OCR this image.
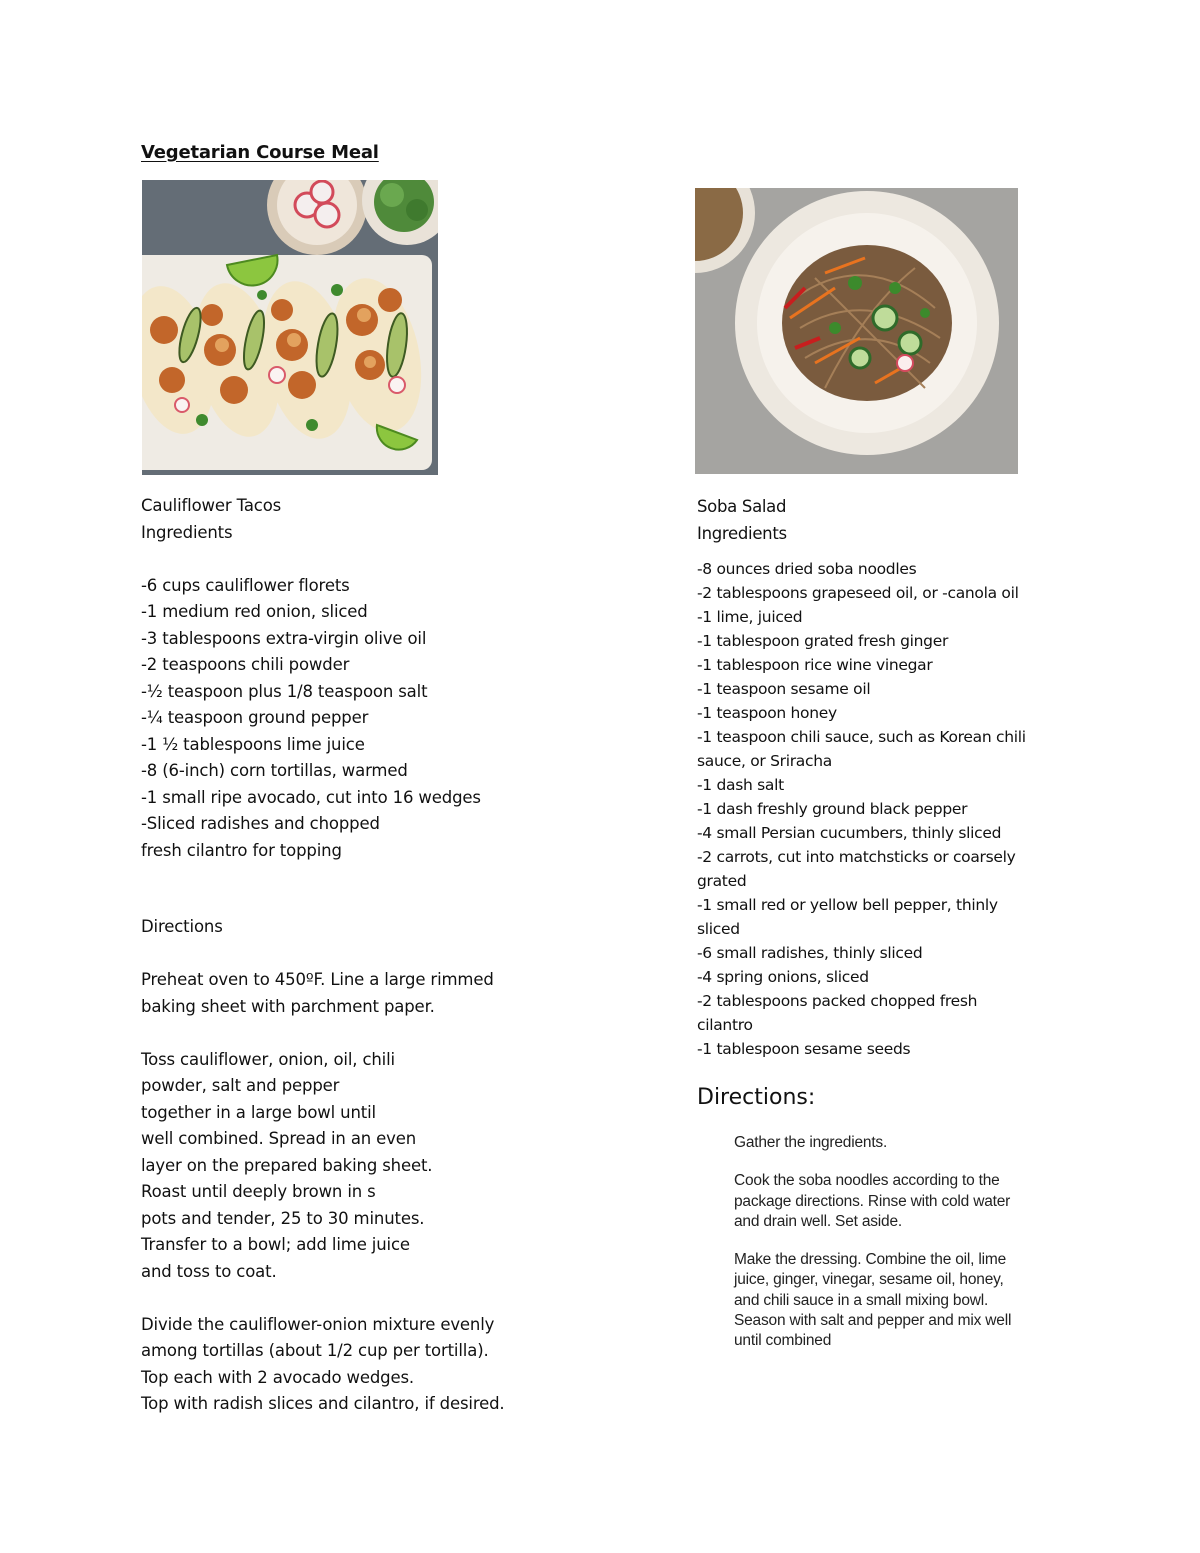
Vegetarian Course Meal
Cauliflower Tacos
Ingredients
-6 cups cauliflower florets
-1 medium red onion, sliced
-3 tablespoons extra-virgin olive oil
-2 teaspoons chili powder
-½ teaspoon plus 1/8 teaspoon salt
-¼ teaspoon ground pepper
-1 ½ tablespoons lime juice
-8 (6-inch) corn tortillas, warmed
-1 small ripe avocado, cut into 16 wedges
-Sliced radishes and chopped
fresh cilantro for topping
Directions
Preheat oven to 450ºF. Line a large rimmed
baking sheet with parchment paper.
Toss cauliflower, onion, oil, chili
powder, salt and pepper
together in a large bowl until
well combined. Spread in an even
layer on the prepared baking sheet.
Roast until deeply brown in s
pots and tender, 25 to 30 minutes.
Transfer to a bowl; add lime juice
and toss to coat.
Divide the cauliflower-onion mixture evenly
among tortillas (about 1/2 cup per tortilla).
Top each with 2 avocado wedges.
Top with radish slices and cilantro, if desired.
Soba Salad
Ingredients
-8 ounces dried soba noodles
-2 tablespoons grapeseed oil, or -canola oil
-1 lime, juiced
-1 tablespoon grated fresh ginger
-1 tablespoon rice wine vinegar
-1 teaspoon sesame oil
-1 teaspoon honey
-1 teaspoon chili sauce, such as Korean chili sauce, or Sriracha
-1 dash salt
-1 dash freshly ground black pepper
-4 small Persian cucumbers, thinly sliced
-2 carrots, cut into matchsticks or coarsely grated
-1 small red or yellow bell pepper, thinly sliced
-6 small radishes, thinly sliced
-4 spring onions, sliced
-2 tablespoons packed chopped fresh cilantro
-1 tablespoon sesame seeds
Directions:
Gather the ingredients.
Cook the soba noodles according to the package directions. Rinse with cold water and drain well. Set aside.
Make the dressing. Combine the oil, lime juice, ginger, vinegar, sesame oil, honey, and chili sauce in a small mixing bowl. Season with salt and pepper and mix well until combined
